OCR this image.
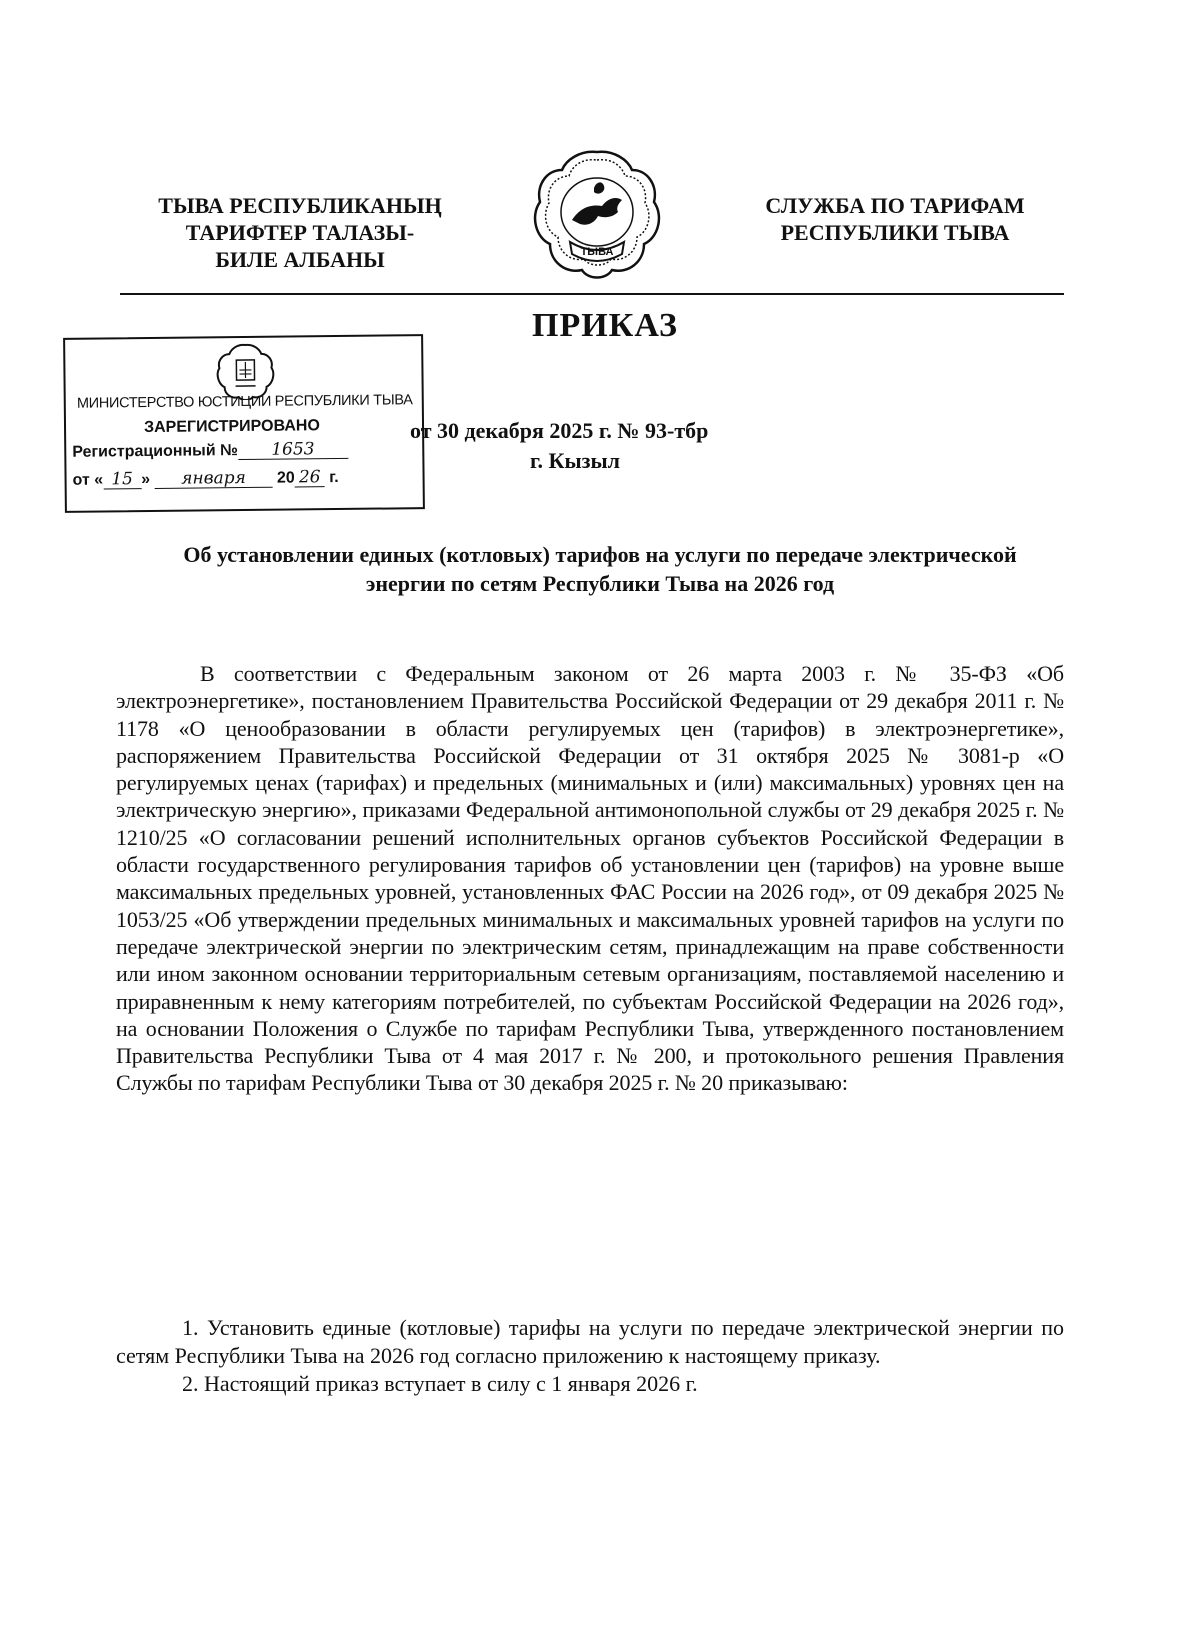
ТЫВА РЕСПУБЛИКАНЫҢ
ТАРИФТЕР ТАЛАЗЫ-
БИЛЕ АЛБАНЫ	ТЫВА
СЛУЖБА ПО ТАРИФАМ
РЕСПУБЛИКИ ТЫВА
ПРИКАЗ
МИНИСТЕРСТВО ЮСТИЦИИ РЕСПУБЛИКИ ТЫВА
ЗАРЕГИСТРИРОВАНО
Регистрационный № 1653
от « 15 » января 20 26 г.
от 30 декабря 2025 г. № 93-тбр
г. Кызыл
Об установлении единых (котловых) тарифов на услуги по передаче электрической энергии по сетям Республики Тыва на 2026 год
В соответствии с Федеральным законом от 26 марта 2003 г. № 35-ФЗ «Об электроэнергетике», постановлением Правительства Российской Федерации от 29 декабря 2011 г. № 1178 «О ценообразовании в области регулируемых цен (тарифов) в электроэнергетике», распоряжением Правительства Российской Федерации от 31 октября 2025 № 3081-р «О регулируемых ценах (тарифах) и предельных (минимальных и (или) максимальных) уровнях цен на электрическую энергию», приказами Федеральной антимонопольной службы от 29 декабря 2025 г. № 1210/25 «О согласовании решений исполнительных органов субъектов Российской Федерации в области государственного регулирования тарифов об установлении цен (тарифов) на уровне выше максимальных предельных уровней, установленных ФАС России на 2026 год», от 09 декабря 2025 № 1053/25 «Об утверждении предельных минимальных и максимальных уровней тарифов на услуги по передаче электрической энергии по электрическим сетям, принадлежащим на праве собственности или ином законном основании территориальным сетевым организациям, поставляемой населению и приравненным к нему категориям потребителей, по субъектам Российской Федерации на 2026 год», на основании Положения о Службе по тарифам Республики Тыва, утвержденного постановлением Правительства Республики Тыва от 4 мая 2017 г. № 200, и протокольного решения Правления Службы по тарифам Республики Тыва от 30 декабря 2025 г. № 20 приказываю:
1. Установить единые (котловые) тарифы на услуги по передаче электрической энергии по сетям Республики Тыва на 2026 год согласно приложению к настоящему приказу.
2. Настоящий приказ вступает в силу с 1 января 2026 г.
